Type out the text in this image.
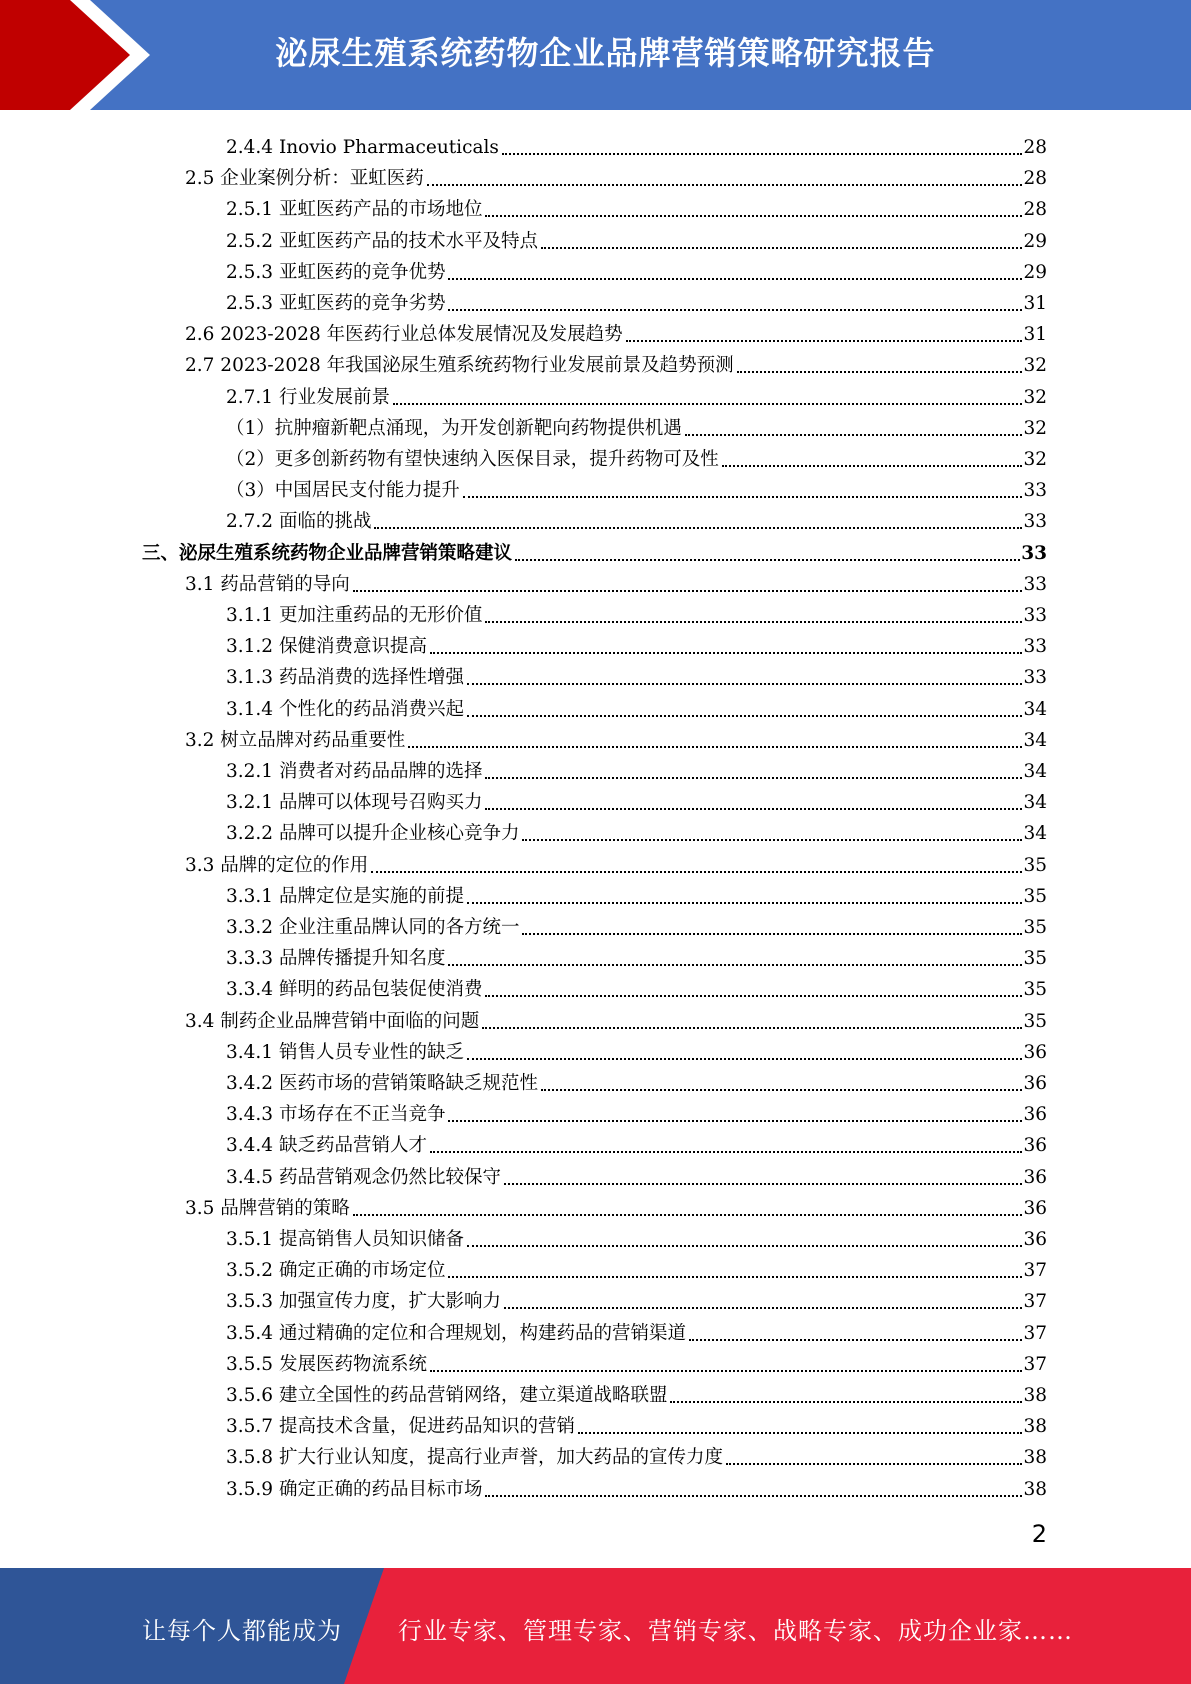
泌尿生殖系统药物企业品牌营销策略研究报告
2.4.4 Inovio Pharmaceuticals	28
2.5 企业案例分析：亚虹医药	28
2.5.1 亚虹医药产品的市场地位	28
2.5.2 亚虹医药产品的技术水平及特点	29
2.5.3 亚虹医药的竞争优势	29
2.5.3 亚虹医药的竞争劣势	31
2.6 2023-2028 年医药行业总体发展情况及发展趋势	31
2.7 2023-2028 年我国泌尿生殖系统药物行业发展前景及趋势预测	32
2.7.1 行业发展前景	32
（1）抗肿瘤新靶点涌现，为开发创新靶向药物提供机遇	32
（2）更多创新药物有望快速纳入医保目录，提升药物可及性	32
（3）中国居民支付能力提升	33
2.7.2 面临的挑战	33
三、泌尿生殖系统药物企业品牌营销策略建议	33
3.1 药品营销的导向	33
3.1.1 更加注重药品的无形价值	33
3.1.2 保健消费意识提高	33
3.1.3 药品消费的选择性增强	33
3.1.4 个性化的药品消费兴起	34
3.2 树立品牌对药品重要性	34
3.2.1 消费者对药品品牌的选择	34
3.2.1 品牌可以体现号召购买力	34
3.2.2 品牌可以提升企业核心竞争力	34
3.3 品牌的定位的作用	35
3.3.1 品牌定位是实施的前提	35
3.3.2 企业注重品牌认同的各方统一	35
3.3.3 品牌传播提升知名度	35
3.3.4 鲜明的药品包装促使消费	35
3.4 制药企业品牌营销中面临的问题	35
3.4.1 销售人员专业性的缺乏	36
3.4.2 医药市场的营销策略缺乏规范性	36
3.4.3 市场存在不正当竞争	36
3.4.4 缺乏药品营销人才	36
3.4.5 药品营销观念仍然比较保守	36
3.5 品牌营销的策略	36
3.5.1 提高销售人员知识储备	36
3.5.2 确定正确的市场定位	37
3.5.3 加强宣传力度，扩大影响力	37
3.5.4 通过精确的定位和合理规划，构建药品的营销渠道	37
3.5.5 发展医药物流系统	37
3.5.6 建立全国性的药品营销网络，建立渠道战略联盟	38
3.5.7 提高技术含量，促进药品知识的营销	38
3.5.8 扩大行业认知度，提高行业声誉，加大药品的宣传力度	38
3.5.9 确定正确的药品目标市场	38
2
让每个人都能成为 行业专家、管理专家、营销专家、战略专家、成功企业家……
